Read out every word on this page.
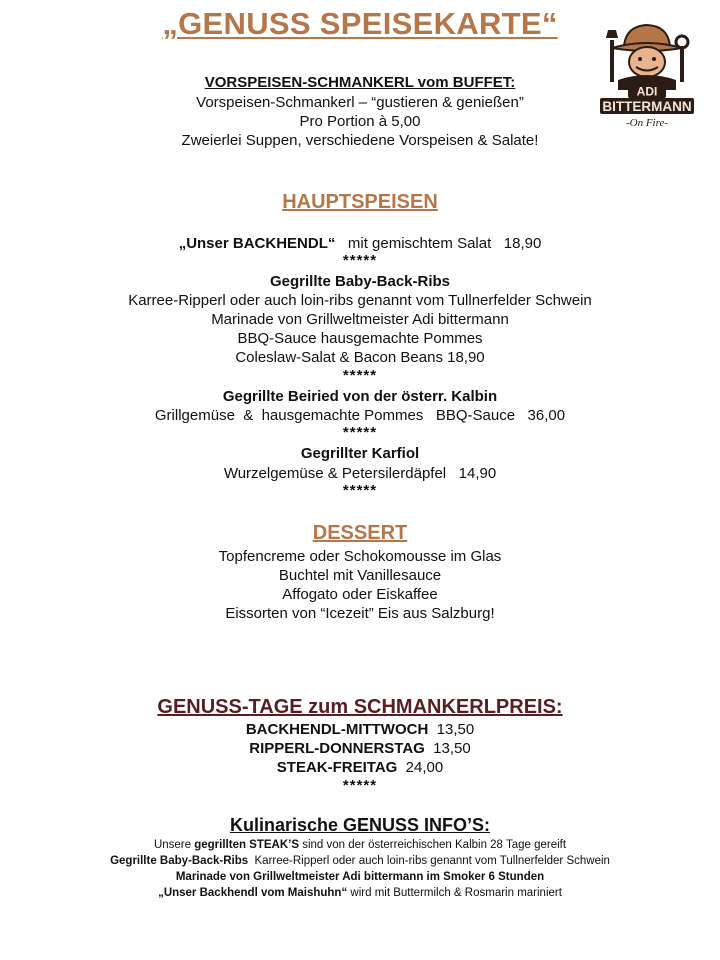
„GENUSS SPEISEKARTE“
ADI
BITTERMANN
-On Fire-
VORSPEISEN-SCHMANKERL vom BUFFET:
Vorspeisen-Schmankerl – “gustieren & genießen”
Pro Portion à 5,00
Zweierlei Suppen, verschiedene Vorspeisen & Salate!
HAUPTSPEISEN
„Unser BACKHENDL“   mit gemischtem Salat   18,90
*****
Gegrillte Baby-Back-Ribs
Karree-Ripperl oder auch loin-ribs genannt vom Tullnerfelder Schwein
Marinade von Grillweltmeister Adi bittermann
BBQ-Sauce hausgemachte Pommes
Coleslaw-Salat & Bacon Beans 18,90
*****
Gegrillte Beiried von der österr. Kalbin
Grillgemüse  &  hausgemachte Pommes   BBQ-Sauce   36,00
*****
Gegrillter Karfiol
Wurzelgemüse & Petersilerdäpfel   14,90
*****
DESSERT
Topfencreme oder Schokomousse im Glas
Buchtel mit Vanillesauce
Affogato oder Eiskaffee
Eissorten von “Icezeit” Eis aus Salzburg!
GENUSS-TAGE zum SCHMANKERLPREIS:
BACKHENDL-MITTWOCH  13,50
RIPPERL-DONNERSTAG  13,50
STEAK-FREITAG  24,00
*****
Kulinarische GENUSS INFO’S:
Unsere gegrillten STEAK’S sind von der österreichischen Kalbin 28 Tage gereift
Gegrillte Baby-Back-Ribs  Karree-Ripperl oder auch loin-ribs genannt vom Tullnerfelder Schwein
Marinade von Grillweltmeister Adi bittermann im Smoker 6 Stunden
„Unser Backhendl vom Maishuhn“ wird mit Buttermilch & Rosmarin mariniert
